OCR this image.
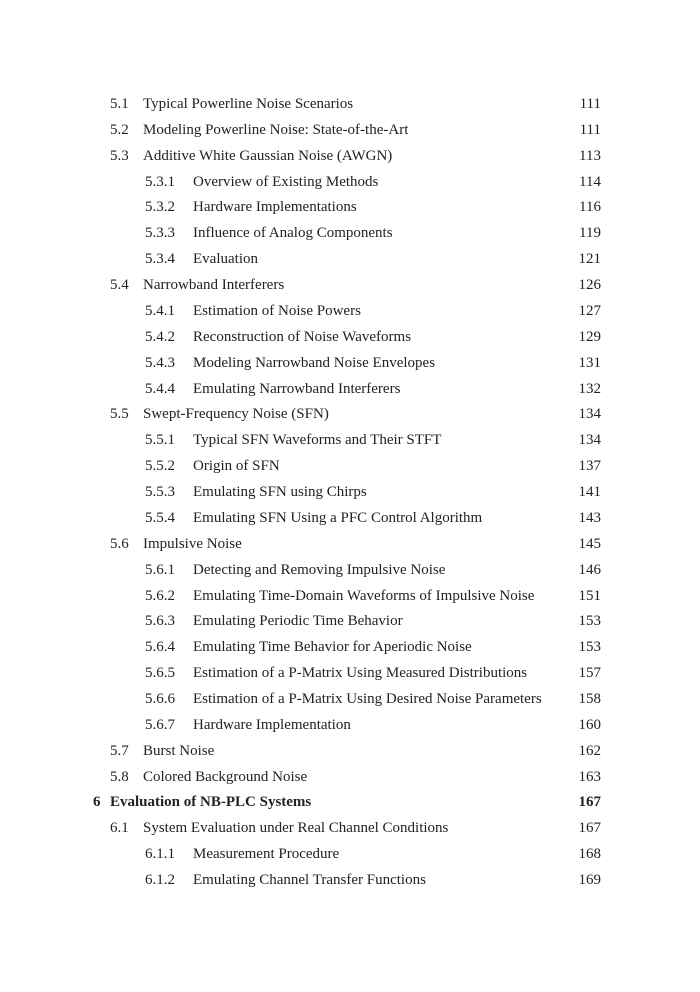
5.1 Typical Powerline Noise Scenarios	111
5.2 Modeling Powerline Noise: State-of-the-Art	111
5.3 Additive White Gaussian Noise (AWGN)	113
5.3.1 Overview of Existing Methods	114
5.3.2 Hardware Implementations	116
5.3.3 Influence of Analog Components	119
5.3.4 Evaluation	121
5.4 Narrowband Interferers	126
5.4.1 Estimation of Noise Powers	127
5.4.2 Reconstruction of Noise Waveforms	129
5.4.3 Modeling Narrowband Noise Envelopes	131
5.4.4 Emulating Narrowband Interferers	132
5.5 Swept-Frequency Noise (SFN)	134
5.5.1 Typical SFN Waveforms and Their STFT	134
5.5.2 Origin of SFN	137
5.5.3 Emulating SFN using Chirps	141
5.5.4 Emulating SFN Using a PFC Control Algorithm	143
5.6 Impulsive Noise	145
5.6.1 Detecting and Removing Impulsive Noise	146
5.6.2 Emulating Time-Domain Waveforms of Impulsive Noise	151
5.6.3 Emulating Periodic Time Behavior	153
5.6.4 Emulating Time Behavior for Aperiodic Noise	153
5.6.5 Estimation of a P-Matrix Using Measured Distributions	157
5.6.6 Estimation of a P-Matrix Using Desired Noise Parameters 158
5.6.7 Hardware Implementation	160
5.7 Burst Noise	162
5.8 Colored Background Noise	163
6 Evaluation of NB-PLC Systems	167
6.1 System Evaluation under Real Channel Conditions	167
6.1.1 Measurement Procedure	168
6.1.2 Emulating Channel Transfer Functions	169
